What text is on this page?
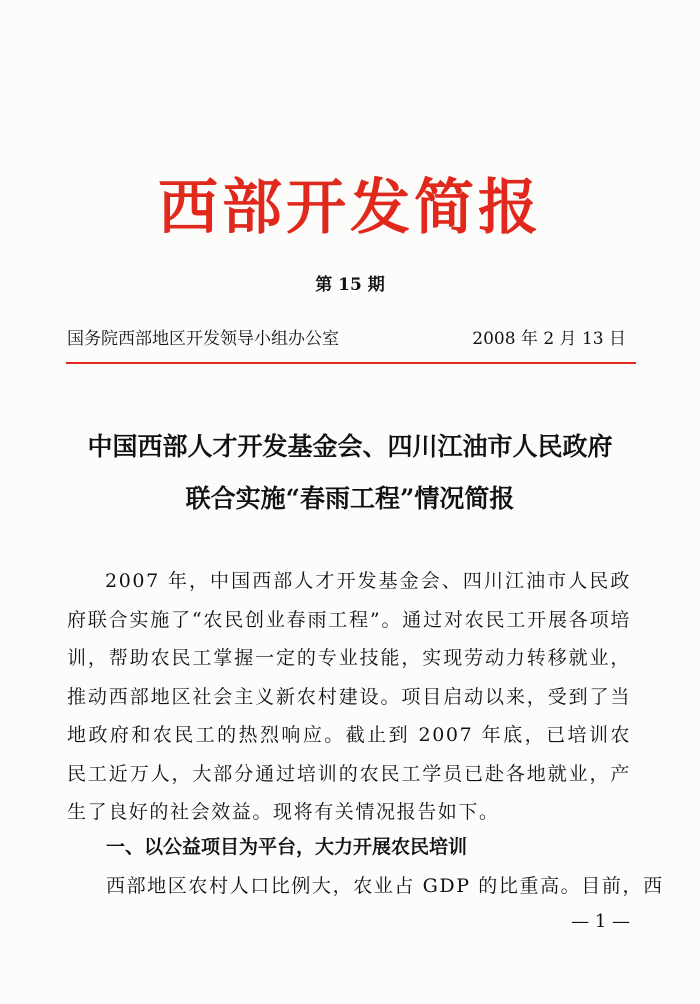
西部开发简报
第 15 期
国务院西部地区开发领导小组办公室	2008 年 2 月 13 日
中国西部人才开发基金会、四川江油市人民政府
联合实施“春雨工程”情况简报

2007 年，中国西部人才开发基金会、四川江油市人民政府联合实施了“农民创业春雨工程”。通过对农民工开展各项培训，帮助农民工掌握一定的专业技能，实现劳动力转移就业，推动西部地区社会主义新农村建设。项目启动以来，受到了当地政府和农民工的热烈响应。截止到 2007 年底，已培训农民工近万人，大部分通过培训的农民工学员已赴各地就业，产生了良好的社会效益。现将有关情况报告如下。

一、以公益项目为平台，大力开展农民培训

西部地区农村人口比例大，农业占 GDP 的比重高。目前，西

— 1 —
